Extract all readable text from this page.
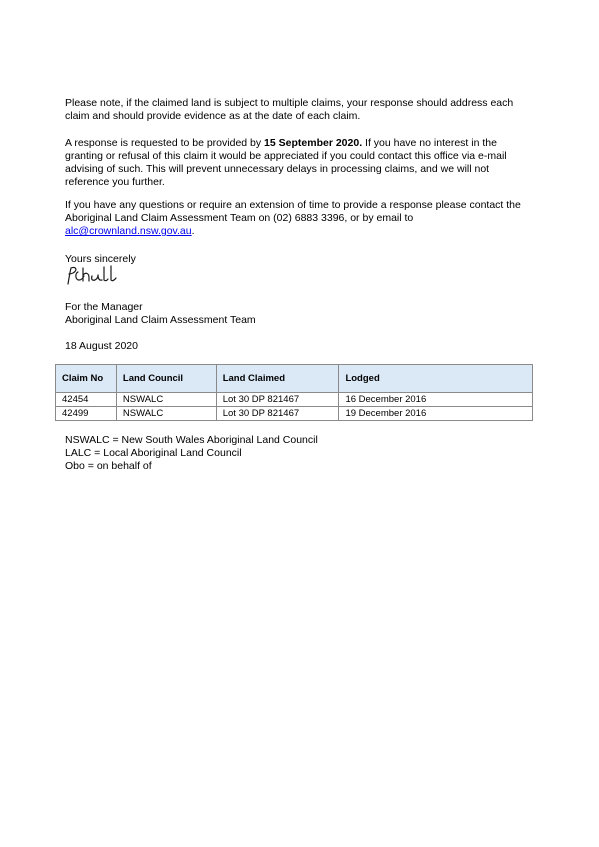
Please note, if the claimed land is subject to multiple claims, your response should address each claim and should provide evidence as at the date of each claim.

A response is requested to be provided by 15 September 2020. If you have no interest in the granting or refusal of this claim it would be appreciated if you could contact this office via e-mail advising of such. This will prevent unnecessary delays in processing claims, and we will not reference you further.

If you have any questions or require an extension of time to provide a response please contact the Aboriginal Land Claim Assessment Team on (02) 6883 3396, or by email to alc@crownland.nsw.gov.au.

Yours sincerely

For the Manager

Aboriginal Land Claim Assessment Team

18 August 2020

Claim No	Land Council	Land Claimed	Lodged
42454	NSWALC	Lot 30 DP 821467	16 December 2016
42499	NSWALC	Lot 30 DP 821467	19 December 2016
NSWALC = New South Wales Aboriginal Land Council
LALC = Local Aboriginal Land Council
Obo = on behalf of
